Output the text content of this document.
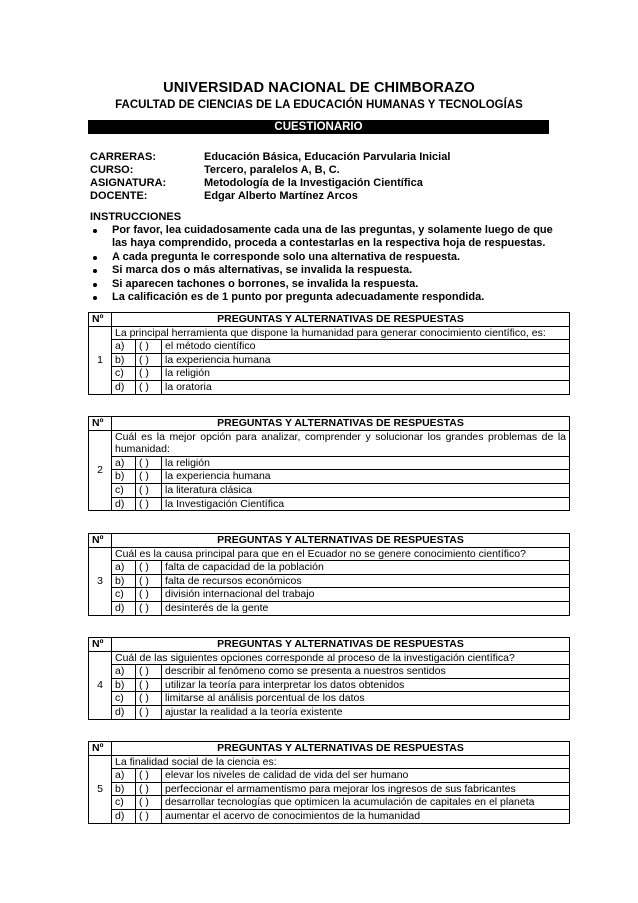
UNIVERSIDAD NACIONAL DE CHIMBORAZO
FACULTAD DE CIENCIAS DE LA EDUCACIÓN HUMANAS Y TECNOLOGÍAS
CUESTIONARIO
CARRERAS:	Educación Básica, Educación Parvularia Inicial
CURSO:	Tercero, paralelos A, B, C.
ASIGNATURA:	Metodología de la Investigación Científica
DOCENTE:	Edgar Alberto Martínez Arcos
INSTRUCCIONES
Por favor, lea cuidadosamente cada una de las preguntas, y solamente luego de que las haya comprendido, proceda a contestarlas en la respectiva hoja de respuestas.
A cada pregunta le corresponde solo una alternativa de respuesta.
Si marca dos o más alternativas, se invalida la respuesta.
Si aparecen tachones o borrones, se invalida la respuesta.
La calificación es de 1 punto por pregunta adecuadamente respondida.
Nº	PREGUNTAS Y ALTERNATIVAS DE RESPUESTAS		
1	La principal herramienta que dispone la humanidad para generar conocimiento científico, es:		
	a)	( )	el método científico
	b)	( )	la experiencia humana
	c)	( )	la religión
	d)	( )	la oratoria
Nº	PREGUNTAS Y ALTERNATIVAS DE RESPUESTAS		
2	Cuál es la mejor opción para analizar, comprender y solucionar los grandes problemas de la humanidad:		
	a)	( )	la religión
	b)	( )	la experiencia humana
	c)	( )	la literatura clásica
	d)	( )	la Investigación Científica
Nº	PREGUNTAS Y ALTERNATIVAS DE RESPUESTAS		
3	Cuál es la causa principal para que en el Ecuador no se genere conocimiento científico?		
	a)	( )	falta de capacidad de la población
	b)	( )	falta de recursos económicos
	c)	( )	división internacional del trabajo
	d)	( )	desinterés de la gente
Nº	PREGUNTAS Y ALTERNATIVAS DE RESPUESTAS		
4	Cuál de las siguientes opciones corresponde al proceso de la investigación científica?		
	a)	( )	describir al fenómeno como se presenta a nuestros sentidos
	b)	( )	utilizar la teoría para interpretar los datos obtenidos
	c)	( )	limitarse al análisis porcentual de los datos
	d)	( )	ajustar la realidad a la teoría existente
Nº	PREGUNTAS Y ALTERNATIVAS DE RESPUESTAS		
5	La finalidad social de la ciencia es:		
	a)	( )	elevar los niveles de calidad de vida del ser humano
	b)	( )	perfeccionar el armamentismo para mejorar los ingresos de sus fabricantes
	c)	( )	desarrollar tecnologías que optimicen la acumulación de capitales en el planeta
	d)	( )	aumentar el acervo de conocimientos de la humanidad
